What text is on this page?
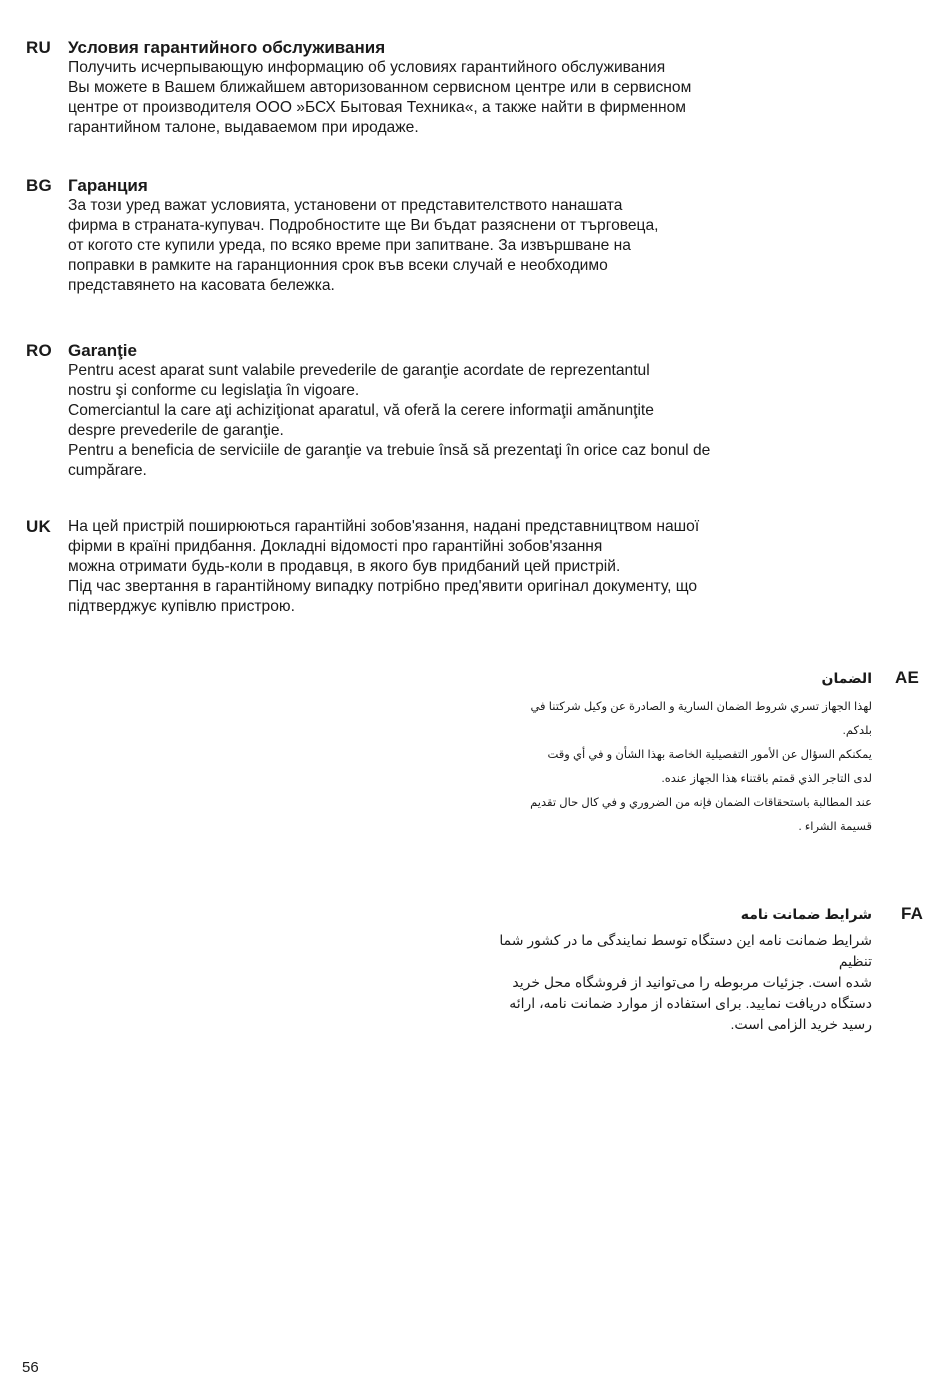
RU Условия гарантийного обслуживания
Получить исчерпывающую информацию об условиях гарантийного обслуживания
Вы можете в Вашем ближайшем авторизованном сервисном центре или в сервисном
центре от производителя ООО »БСХ Бытовая Техника«, а также найти в фирменном
гарантийном талоне, выдаваемом при иродаже.
BG Гаранция
За този уред важат условията, установени от представителството нанашата
фирма в страната-купувач. Подробностите ще Ви бъдат разяснени от търговеца,
от когото сте купили уреда, по всяко време при запитване. За извършване на
поправки в рамките на гаранционния срок във всеки случай е необходимо
представянето на касовата бележка.
RO Garanţie
Pentru acest aparat sunt valabile prevederile de garanţie acordate de reprezentantul
nostru şi conforme cu legislaţia în vigoare.
Comerciantul la care aţi achiziţionat aparatul, vă oferă la cerere informaţii amănunţite
despre prevederile de garanţie.
Pentru a beneficia de serviciile de garanţie va trebuie însă să prezentaţi în orice caz bonul de
cumpărare.
UK На цей пристрій поширюються гарантійні зобов'язання, надані представництвом нашої
фірми в країні придбання. Докладні відомості про гарантійні зобов'язання
можна отримати будь-коли в продавця, в якого був придбаний цей пристрій.
Під час звертання в гарантійному випадку потрібно пред'явити оригінал документу, що
підтверджує купівлю пристрою.
AE
الضمان
لهذا الجهاز تسري شروط الضمان السارية و الصادرة عن وكيل شركتنا في
بلدكم.
يمكنكم السؤال عن الأمور التفصيلية الخاصة بهذا الشأن و في أي وقت
لدى التاجر الذي قمتم باقتناء هذا الجهاز عنده.
عند المطالبة باستحقاقات الضمان فإنه من الضروري و في كال حال تقديم
قسيمة الشراء .
FA
شرایط ضمانت نامه
شرایط ضمانت نامه این دستگاه توسط نمایندگی ما در کشور شما تنظیم
شده است. جزئیات مربوطه را می‌توانید از فروشگاه محل خرید
دستگاه دریافت نمایید. برای استفاده از موارد ضمانت نامه، ارائه
رسید خرید الزامی است.
56
